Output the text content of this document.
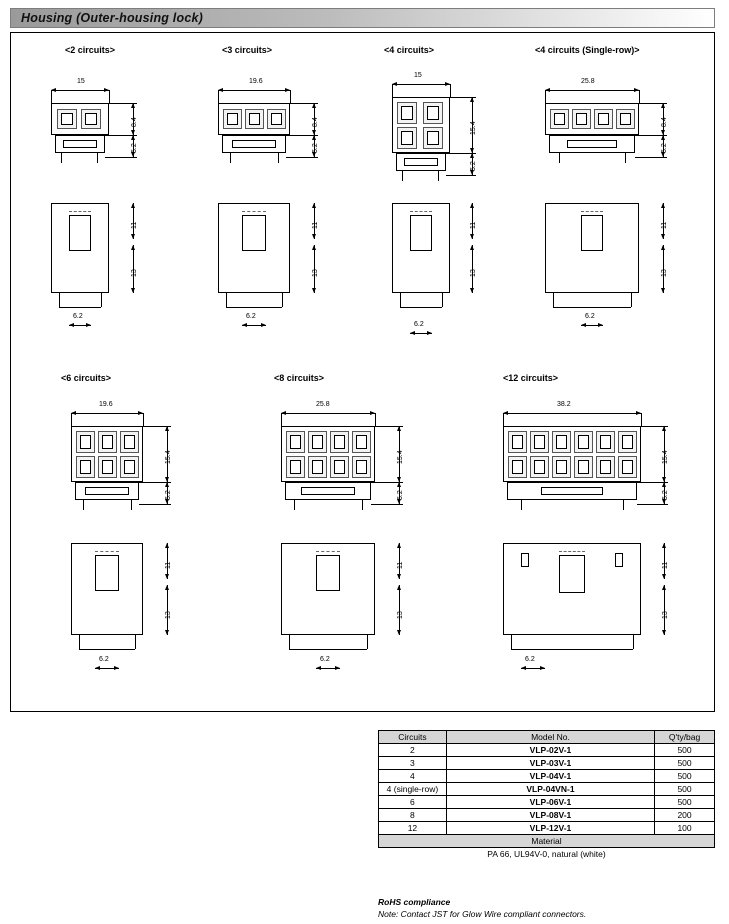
Housing (Outer-housing lock)
<2 circuits>
15
8.4
5.2
11
13
6.2
<3 circuits>
19.6
8.4
5.2
11
13
6.2
<4 circuits>
15
15.4
5.2
11
13
6.2
<4 circuits (Single-row)>
25.8
8.4
5.2
11
13
6.2
<6 circuits>
19.6
15.4
5.2
11
13
6.2
<8 circuits>
25.8
15.4
5.2
11
13
6.2
<12 circuits>
38.2
15.4
5.2
11
13
6.2
Circuits	Model No.	Q'ty/bag
2	VLP-02V-1	500
3	VLP-03V-1	500
4	VLP-04V-1	500
4 (single-row)	VLP-04VN-1	500
6	VLP-06V-1	500
8	VLP-08V-1	200
12	VLP-12V-1	100
Material		
PA 66, UL94V-0, natural (white)		
RoHS compliance
Note: Contact JST for Glow Wire compliant connectors.
